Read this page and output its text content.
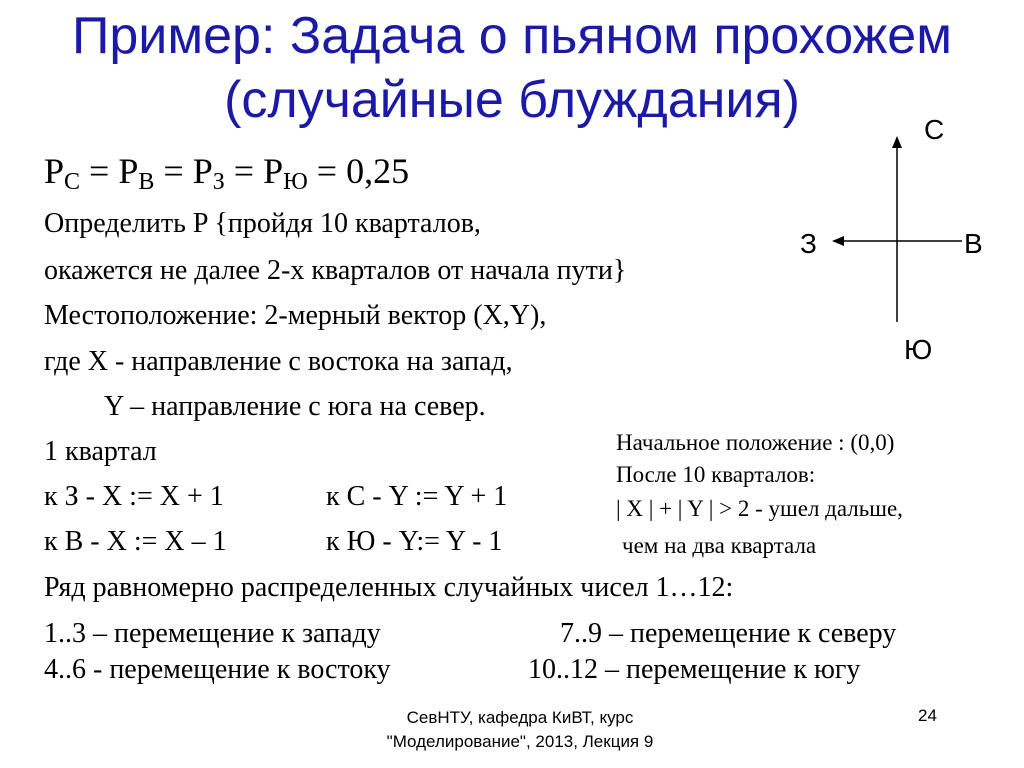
Пример: Задача о пьяном прохожем
(случайные блуждания)
$P_С = P_В = P_З = P_Ю = 0,25$
Определить P {пройдя 10 кварталов,
окажется не далее 2-х кварталов от начала пути}
Местоположение: 2-мерный вектор (X,Y),
где X - направление с востока на запад,
Y – направление с юга на север.
1 квартал
к З - X := X + 1	к С - Y := Y + 1
к В - X := X – 1	к Ю - Y:= Y - 1
Ряд равномерно распределенных случайных чисел 1…12:
1..3 – перемещение к западу	7..9 – перемещение к северу
4..6 - перемещение к востоку	10..12 – перемещение к югу
Начальное положение : (0,0)
После 10 кварталов:
| X | + | Y | > 2 - ушел дальше,
чем на два квартала
С
В
З
Ю
СевНТУ, кафедра КиВТ, курс
"Моделирование", 2013, Лекция 9
24
